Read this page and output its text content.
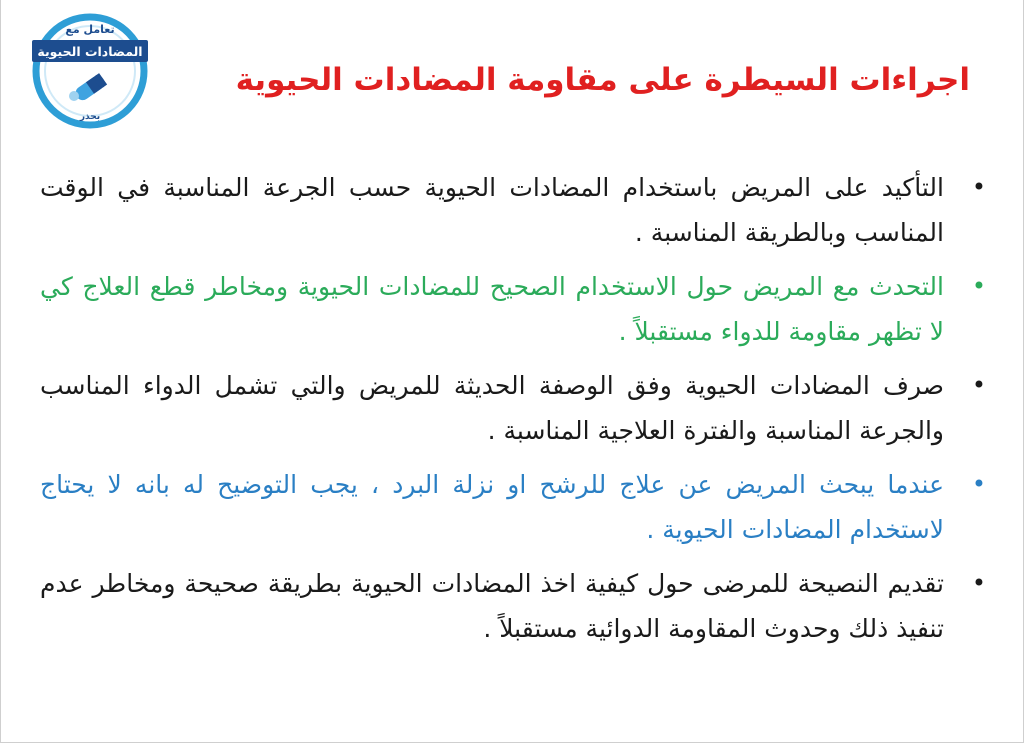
تعامل مع
المضادات الحيوية
بحذر
اجراءات السيطرة على مقاومة المضادات الحيوية
•
التأكيد على المريض باستخدام المضادات الحيوية حسب الجرعة المناسبة في الوقت المناسب وبالطريقة المناسبة .
•
التحدث مع المريض حول الاستخدام الصحيح للمضادات الحيوية ومخاطر قطع العلاج كي لا تظهر مقاومة للدواء مستقبلاً .
•
صرف المضادات الحيوية وفق الوصفة الحديثة للمريض والتي تشمل الدواء المناسب والجرعة المناسبة والفترة العلاجية المناسبة .
•
عندما يبحث المريض عن علاج للرشح او نزلة البرد ، يجب التوضيح له بانه لا يحتاج لاستخدام المضادات الحيوية .
•
تقديم النصيحة للمرضى حول كيفية اخذ المضادات الحيوية بطريقة صحيحة ومخاطر عدم تنفيذ ذلك وحدوث المقاومة الدوائية مستقبلاً .
